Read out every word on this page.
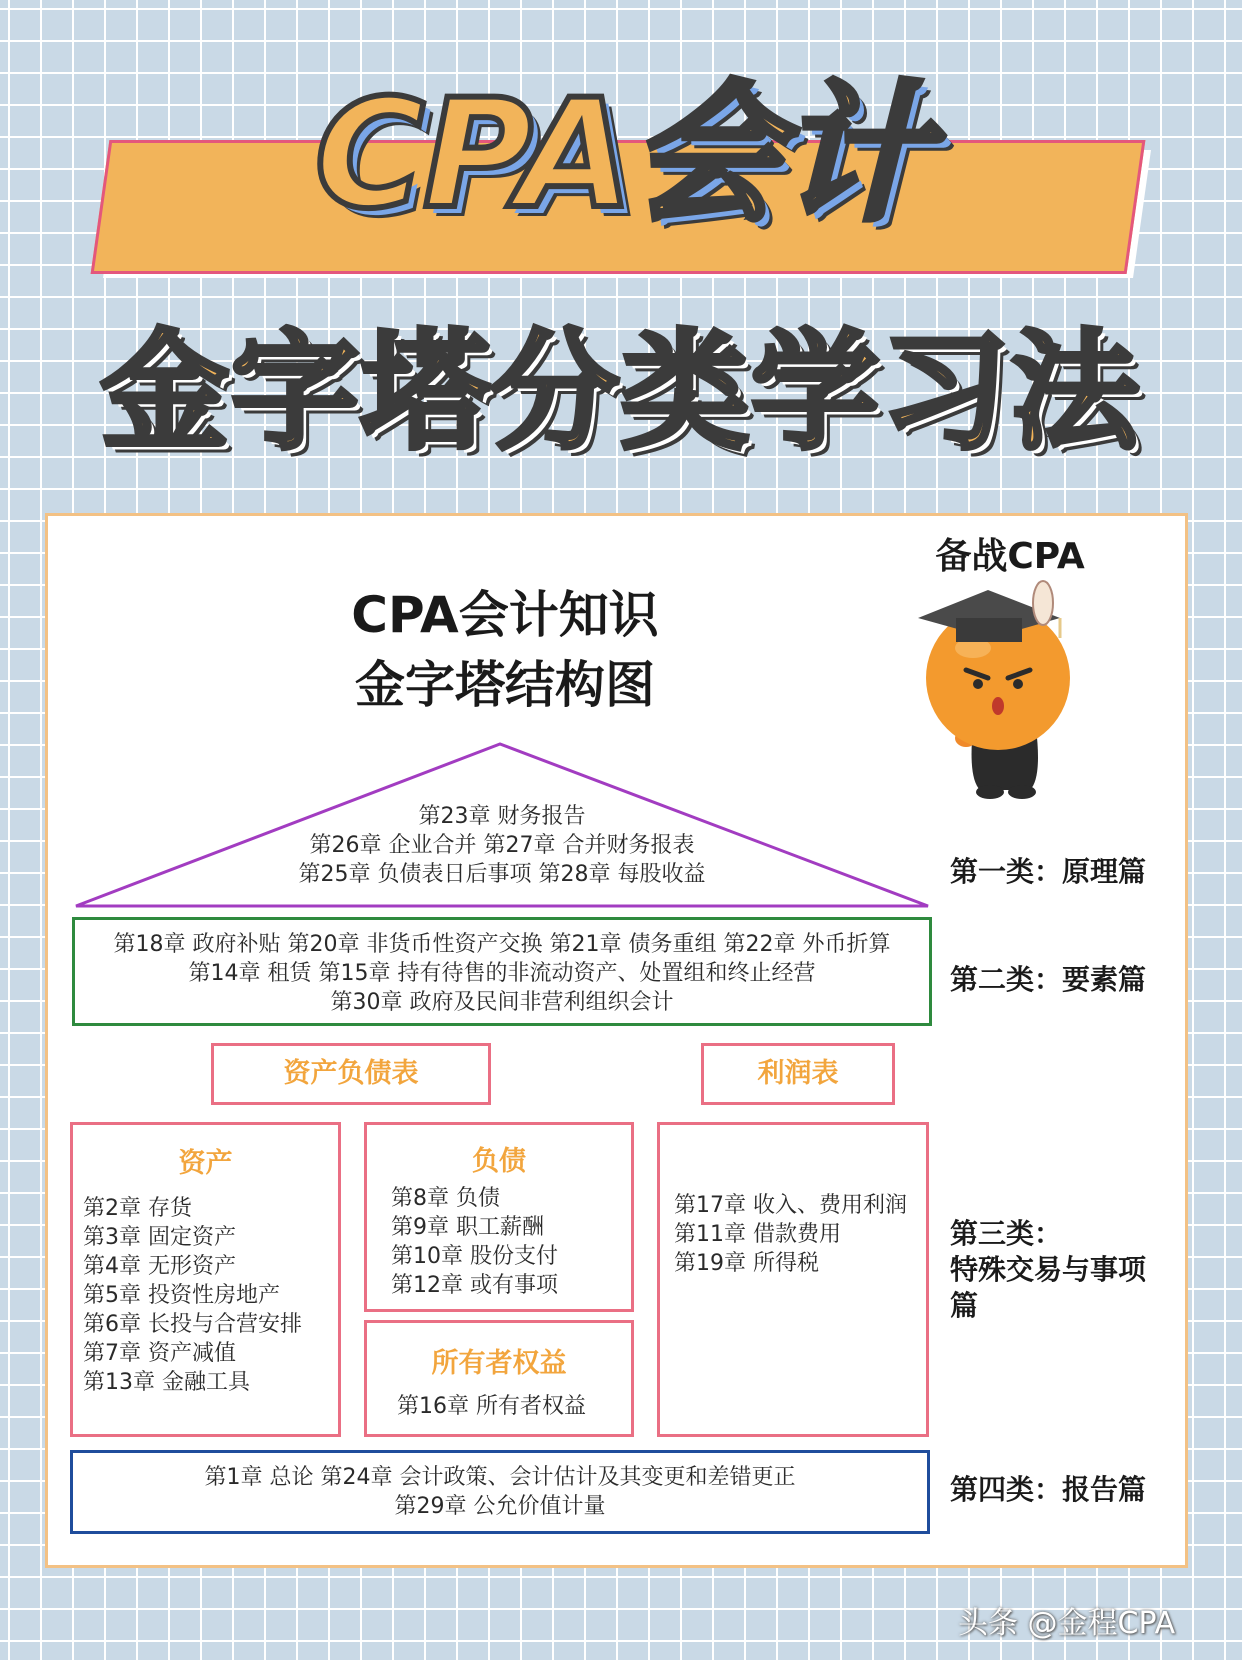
CPA会计
金字塔分类学习法
CPA会计知识
金字塔结构图
备战CPA
第23章 财务报告
第26章 企业合并 第27章 合并财务报表
第25章 负债表日后事项 第28章 每股收益
第18章 政府补贴 第20章 非货币性资产交换 第21章 债务重组 第22章 外币折算
第14章 租赁 第15章 持有待售的非流动资产、处置组和终止经营
第30章 政府及民间非营利组织会计
资产负债表	利润表
资产
第2章 存货
第3章 固定资产
第4章 无形资产
第5章 投资性房地产
第6章 长投与合营安排
第7章 资产减值
第13章 金融工具
负债
第8章 负债
第9章 职工薪酬
第10章 股份支付
第12章 或有事项
所有者权益
第16章 所有者权益
第17章 收入、费用利润
第11章 借款费用
第19章 所得税
第1章 总论 第24章 会计政策、会计估计及其变更和差错更正
第29章 公允价值计量
第一类：原理篇
第二类：要素篇
第三类：
特殊交易与事项
篇
第四类：报告篇
头条 @金程CPA
